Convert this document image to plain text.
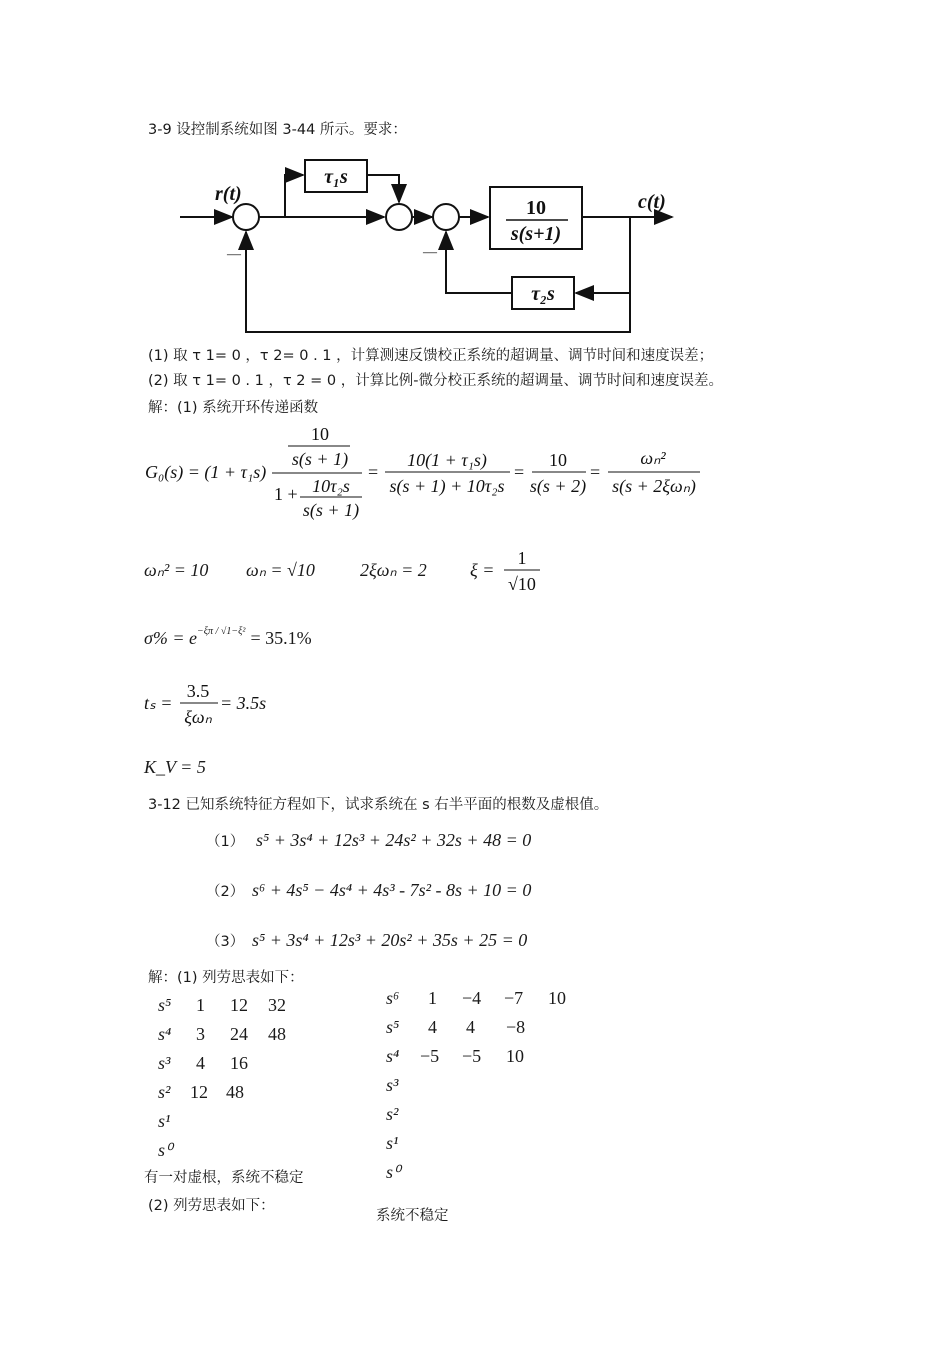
3-9 设控制系统如图 3-44 所示。要求：
r(t)	c(t)
τ₁s
10
s(s+1)
τ₂s
—	—
(1) 取 τ 1= 0 ，τ 2= 0 . 1 ，计算测速反馈校正系统的超调量、调节时间和速度误差；
(2) 取 τ 1= 0 . 1 ，τ 2 = 0 ，计算比例-微分校正系统的超调量、调节时间和速度误差。
解：(1) 系统开环传递函数
G₀(s) = (1 + τ₁s)
10
s(s + 1)
1 + 10τ₂s
s(s + 1)
=
10(1 + τ₁s)
s(s + 1) + 10τ₂s
=
10
s(s + 2)
=
ωₙ²
s(s + 2ξωₙ)
ωₙ² = 10 ωₙ = √10	2ξωₙ = 2 ξ =
1
√10
$\sigma\% = e^{-\xi\pi / √1-\xi^2} = 35.1\%$
tₛ =
3.5
ξωₙ
= 3.5s
K_V = 5
3-12 已知系统特征方程如下，试求系统在 s 右半平面的根数及虚根值。
（1） s⁵ + 3s⁴ + 12s³ + 24s² + 32s + 48 = 0
（2） s⁶ + 4s⁵ − 4s⁴ + 4s³ - 7s² - 8s + 10 = 0
（3） s⁵ + 3s⁴ + 12s³ + 20s² + 35s + 25 = 0
解：(1) 列劳思表如下：
s⁵ 1 12 32
s⁴ 3 24 48
s³ 4 16
s² 12 48
s¹
s⁰
有一对虚根，系统不稳定
(2) 列劳思表如下：
s⁶ 1 −4 −7 10
s⁵ 4 4 −8
s⁴ −5 −5 10
s³
s²
s¹
s⁰
系统不稳定
